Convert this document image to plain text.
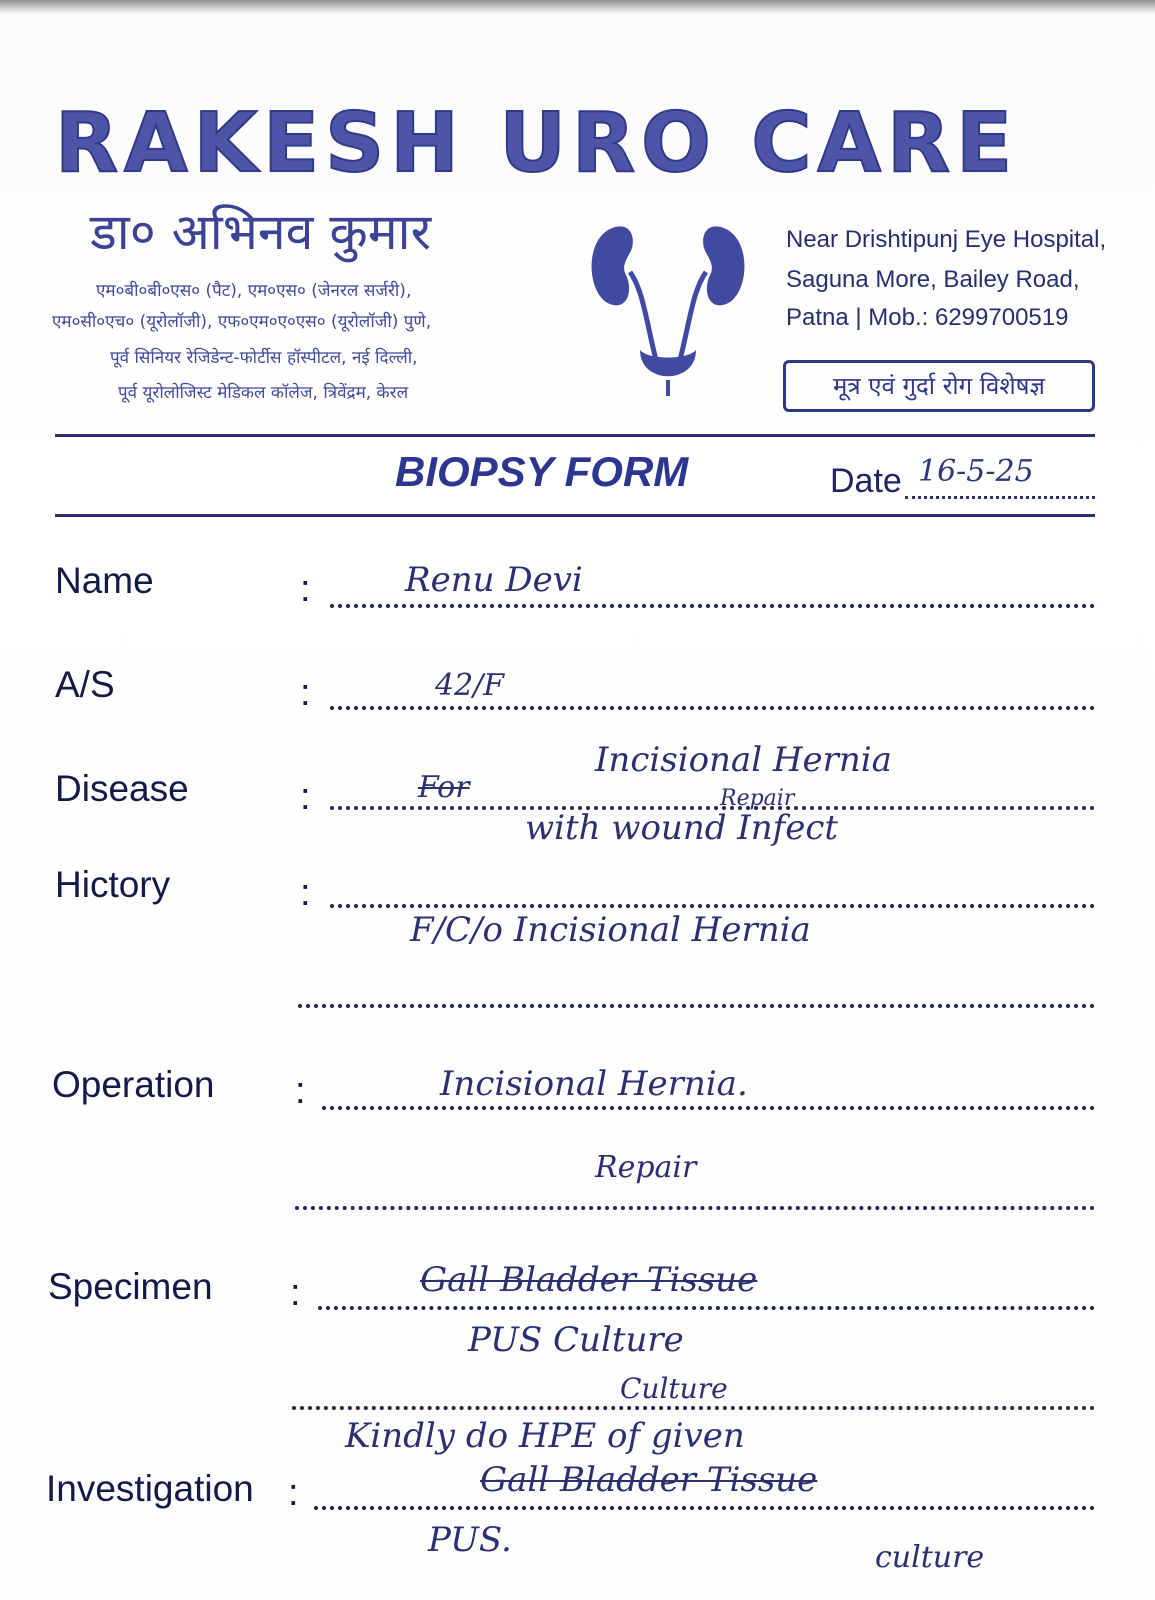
RAKESH URO CARE
डा० अभिनव कुमार
एम०बी०बी०एस० (पैट), एम०एस० (जेनरल सर्जरी),
एम०सी०एच० (यूरोलॉजी), एफ०एम०ए०एस० (यूरोलॉजी) पुणे,
पूर्व सिनियर रेजिडेन्ट-फोर्टीस हॉस्पीटल, नई दिल्ली,
पूर्व यूरोलोजिस्ट मेडिकल कॉलेज, त्रिवेंद्रम, केरल
Near Drishtipunj Eye Hospital,
Saguna More, Bailey Road,
Patna | Mob.: 6299700519
मूत्र एवं गुर्दा रोग विशेषज्ञ
BIOPSY FORM	Date 16-5-25
Name	:	Renu Devi
A/S	:	42/F
Disease	:	For
Incisional Hernia
Repair
with wound Infect
Hictory	:
F/C/o Incisional Hernia
Operation :	Incisional Hernia.
Repair
Specimen :	Gall Bladder Tissue
PUS Culture
Culture
Kindly do HPE of given
Investigation :	Gall Bladder Tissue
PUS.	culture
